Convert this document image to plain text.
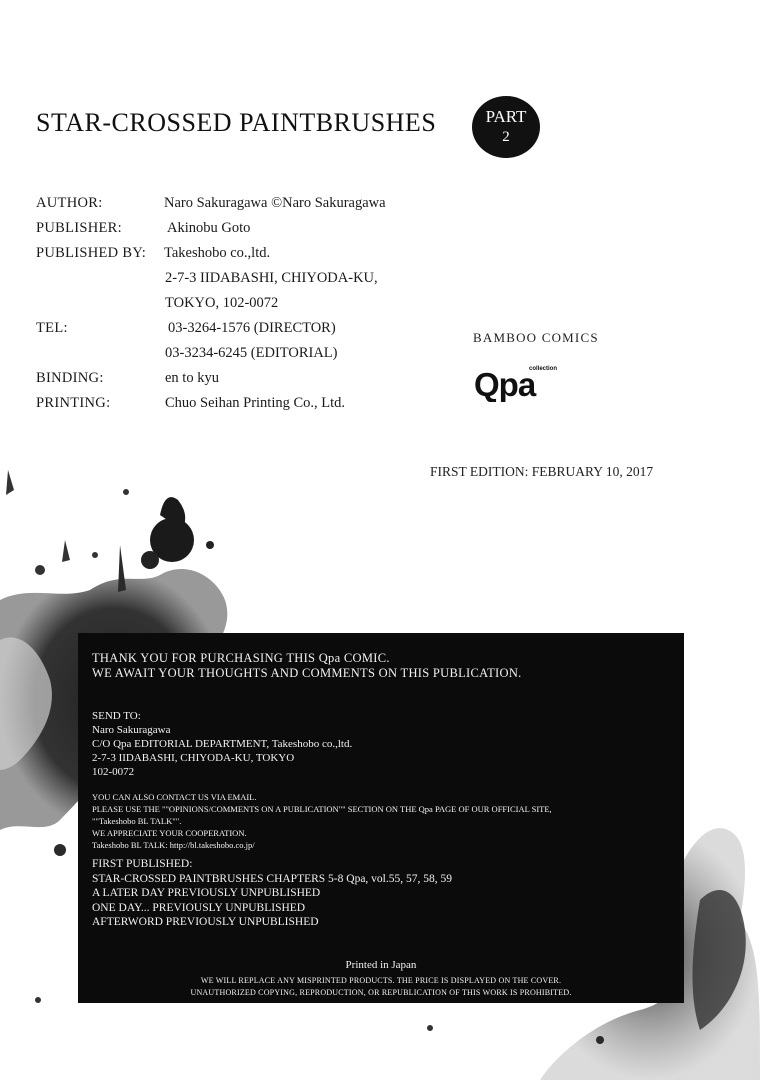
STAR-CROSSED PAINTBRUSHES	PART
2
AUTHOR:	Naro Sakuragawa ©Naro Sakuragawa
PUBLISHER:	Akinobu Goto
PUBLISHED BY: Takeshobo co.,ltd.
2-7-3 IIDABASHI, CHIYODA-KU,
TOKYO, 102-0072
TEL:	03-3264-1576 (DIRECTOR)
03-3234-6245 (EDITORIAL)
BINDING:	en to kyu
PRINTING:	Chuo Seihan Printing Co., Ltd.
BAMBOO COMICS
collection
Qpa
FIRST EDITION: FEBRUARY 10, 2017
THANK YOU FOR PURCHASING THIS Qpa COMIC.
WE AWAIT YOUR THOUGHTS AND COMMENTS ON THIS PUBLICATION.
SEND TO:
Naro Sakuragawa
C/O Qpa EDITORIAL DEPARTMENT, Takeshobo co.,ltd.
2-7-3 IIDABASHI, CHIYODA-KU, TOKYO
102-0072
YOU CAN ALSO CONTACT US VIA EMAIL.
PLEASE USE THE ""OPINIONS/COMMENTS ON A PUBLICATION"" SECTION ON THE Qpa PAGE OF OUR OFFICIAL SITE,
""Takeshobo BL TALK"".
WE APPRECIATE YOUR COOPERATION.
Takeshobo BL TALK: http://bl.takeshobo.co.jp/
FIRST PUBLISHED:
STAR-CROSSED PAINTBRUSHES CHAPTERS 5-8 Qpa, vol.55, 57, 58, 59
A LATER DAY PREVIOUSLY UNPUBLISHED
ONE DAY... PREVIOUSLY UNPUBLISHED
AFTERWORD PREVIOUSLY UNPUBLISHED
Printed in Japan
WE WILL REPLACE ANY MISPRINTED PRODUCTS. THE PRICE IS DISPLAYED ON THE COVER.
UNAUTHORIZED COPYING, REPRODUCTION, OR REPUBLICATION OF THIS WORK IS PROHIBITED.
